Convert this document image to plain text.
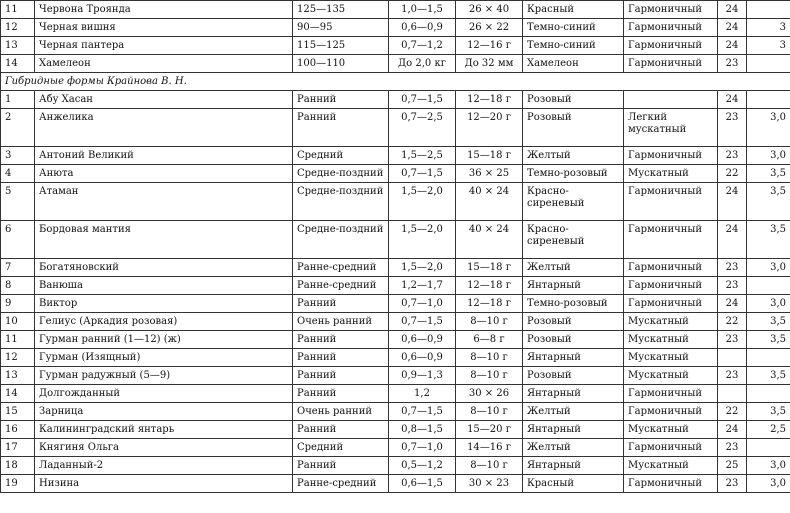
11	Червона Троянда	125—135	1,0—1,5	26 × 40	Красный	Гармоничный	24	
12	Черная вишня	90—95	0,6—0,9	26 × 22	Темно-синий	Гармоничный	24	3
13	Черная пантера	115—125	0,7—1,2	12—16 г	Темно-синий	Гармоничный	24	3
14	Хамелеон	100—110	До 2,0 кг	До 32 мм	Хамелеон	Гармоничный	23	
Гибридные формы Крайнова В. Н.								
1	Абу Хасан	Ранний	0,7—1,5	12—18 г	Розовый		24	
2	Анжелика	Ранний	0,7—2,5	12—20 г	Розовый	Легкий мускатный	23	3,0
3	Антоний Великий	Средний	1,5—2,5	15—18 г	Желтый	Гармоничный	23	3,0
4	Анюта	Средне-поздний	0,7—1,5	36 × 25	Темно-розовый	Мускатный	22	3,5
5	Атаман	Средне-поздний	1,5—2,0	40 × 24	Красно-сиреневый	Гармоничный	24	3,5
6	Бордовая мантия	Средне-поздний	1,5—2,0	40 × 24	Красно-сиреневый	Гармоничный	24	3,5
7	Богатяновский	Ранне-средний	1,5—2,0	15—18 г	Желтый	Гармоничный	23	3,0
8	Ванюша	Ранне-средний	1,2—1,7	12—18 г	Янтарный	Гармоничный	23	
9	Виктор	Ранний	0,7—1,0	12—18 г	Темно-розовый	Гармоничный	24	3,0
10	Гелиус (Аркадия розовая)	Очень ранний	0,7—1,5	8—10 г	Розовый	Мускатный	22	3,5
11	Гурман ранний (1—12) (ж)	Ранний	0,6—0,9	6—8 г	Розовый	Мускатный	23	3,5
12	Гурман (Изящный)	Ранний	0,6—0,9	8—10 г	Янтарный	Мускатный		
13	Гурман радужный (5—9)	Ранний	0,9—1,3	8—10 г	Розовый	Мускатный	23	3,5
14	Долгожданный	Ранний	1,2	30 × 26	Янтарный	Гармоничный		
15	Зарница	Очень ранний	0,7—1,5	8—10 г	Желтый	Гармоничный	22	3,5
16	Калининградский янтарь	Ранний	0,8—1,5	15—20 г	Янтарный	Мускатный	24	2,5
17	Княгиня Ольга	Средний	0,7—1,0	14—16 г	Желтый	Гармоничный	23	
18	Ладанный-2	Ранний	0,5—1,2	8—10 г	Янтарный	Мускатный	25	3,0
19	Низина	Ранне-средний	0,6—1,5	30 × 23	Красный	Гармоничный	23	3,0
